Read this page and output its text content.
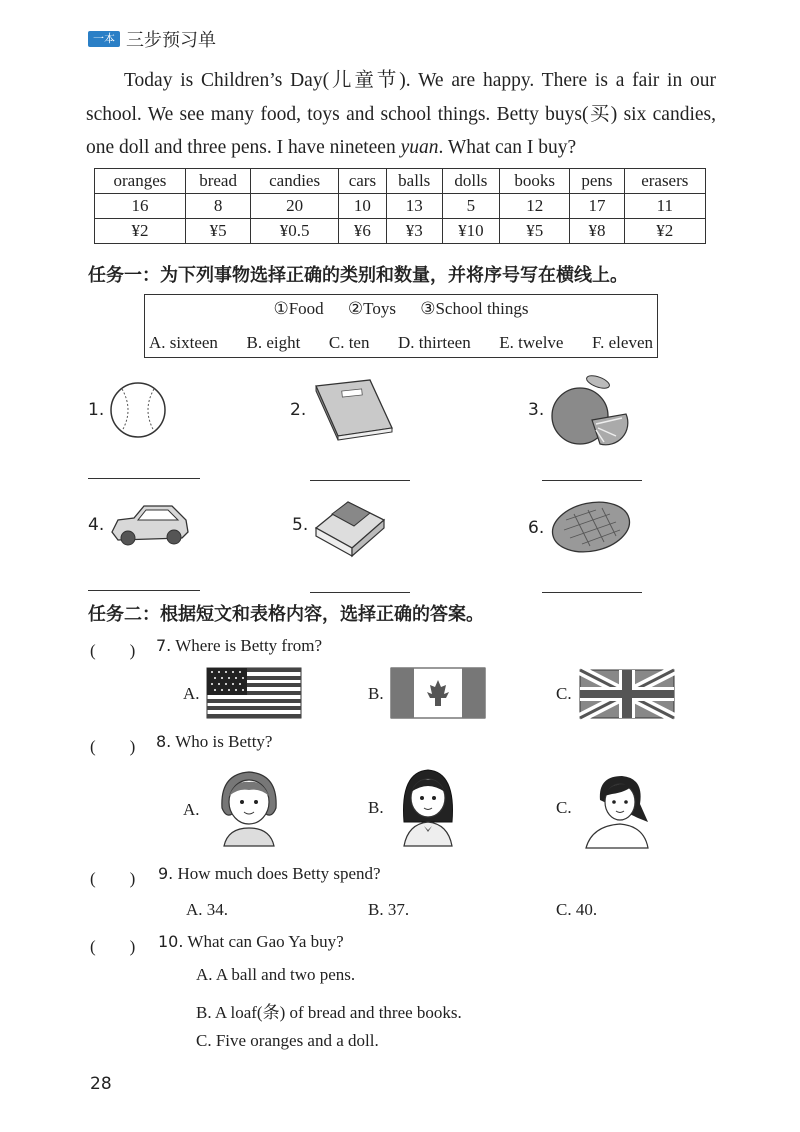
一本 三步预习单
Today is Children’s Day(儿童节). We are happy. There is a fair in our school. We see many food, toys and school things. Betty buys(买) six candies, one doll and three pens. I have nineteen yuan. What can I buy?
oranges	bread	candies	cars	balls	dolls	books	pens	erasers
16	8	20	10	13	5	12	17	11
¥2	¥5	¥0.5	¥6	¥3	¥10	¥5	¥8	¥2
任务一：为下列事物选择正确的类别和数量，并将序号写在横线上。
①Food ②Toys ③School things
A. sixteen B. eight C. ten D. thirteen E. twelve F. eleven
1.	2.	3.
4.	5.	6.
任务二：根据短文和表格内容，选择正确的答案。
(　　) 7. Where is Betty from?
A.	B.	C.
(　　) 8. Who is Betty?
A.	B.	C.
(　　) 9. How much does Betty spend?
A. 34.	B. 37.	C. 40.
(　　) 10. What can Gao Ya buy?
A. A ball and two pens.
B. A loaf(条) of bread and three books.
C. Five oranges and a doll.
28
